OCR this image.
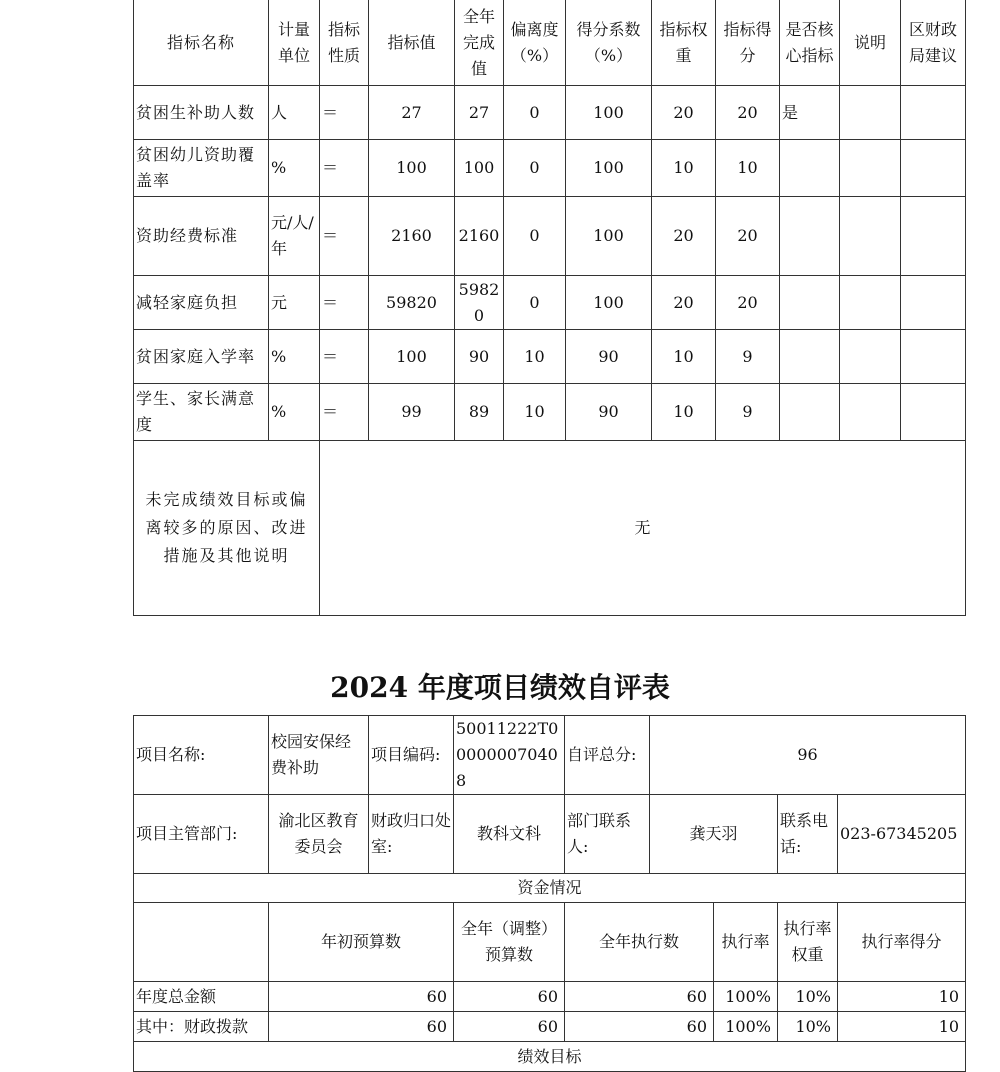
指标名称	计量单位	指标性质	指标值	全年完成值	偏离度（%）	得分系数（%）	指标权重	指标得分	是否核心指标	说明	区财政局建议
贫困生补助人数	人	＝	27	27	0	100	20	20	是		
贫困幼儿资助覆盖率	%	＝	100	100	0	100	10	10			
资助经费标准	元/人/年	＝	2160	2160	0	100	20	20			
减轻家庭负担	元	＝	59820	59820	0	100	20	20			
贫困家庭入学率	%	＝	100	90	10	90	10	9			
学生、家长满意度	%	＝	99	89	10	90	10	9			
未完成绩效目标或偏离较多的原因、改进措施及其他说明		无									
2024 年度项目绩效自评表
项目名称:	校园安保经费补助	项目编码:	50011222T000000070408	自评总分:	96			
项目主管部门:	渝北区教育委员会	财政归口处室:	教科文科	部门联系人:	龚天羽		联系电话:	023-67345205
资金情况								
	年初预算数		全年（调整）预算数	全年执行数		执行率	执行率权重	执行率得分
年度总金额	60		60	60		100%	10%	10
其中：财政拨款	60		60	60		100%	10%	10
绩效目标								
